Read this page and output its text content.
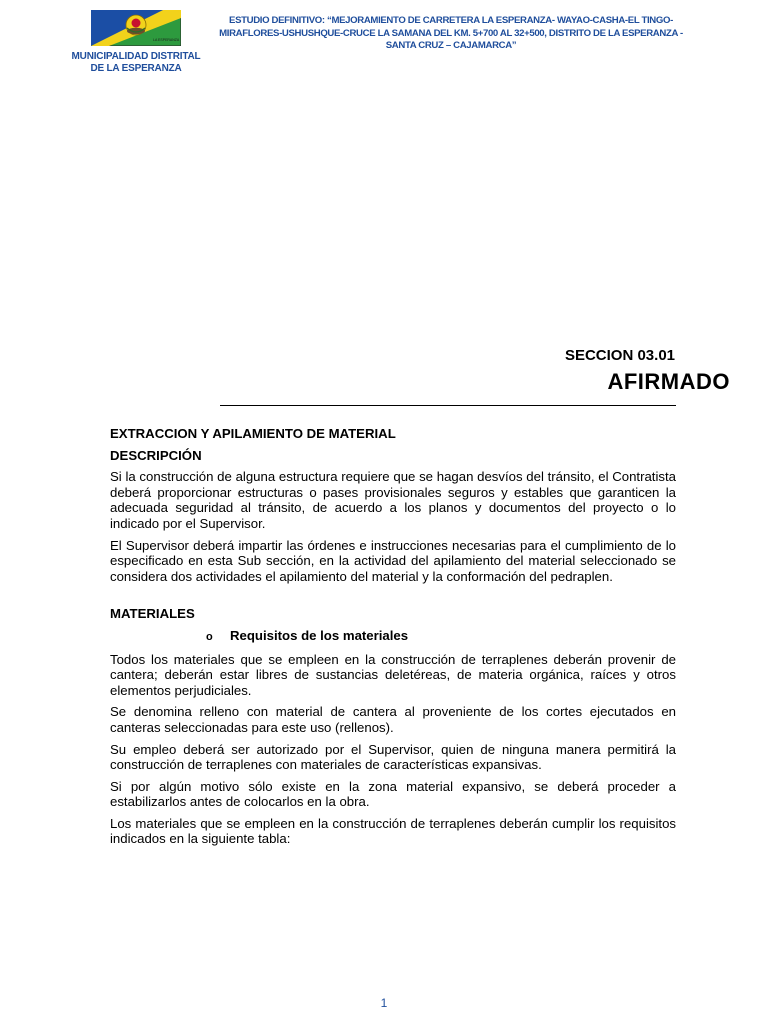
LA ESPERANZA
MUNICIPALIDAD DISTRITAL
DE LA ESPERANZA
ESTUDIO DEFINITIVO: “MEJORAMIENTO DE CARRETERA LA ESPERANZA- WAYAO-CASHA-EL TINGO-MIRAFLORES-USHUSHQUE-CRUCE LA SAMANA DEL KM. 5+700 AL 32+500, DISTRITO DE LA ESPERANZA - SANTA CRUZ – CAJAMARCA”
SECCION 03.01
AFIRMADO
EXTRACCION Y APILAMIENTO DE MATERIAL
DESCRIPCIÓN

Si la construcción de alguna estructura requiere que se hagan desvíos del tránsito, el Contratista deberá proporcionar estructuras o pases provisionales seguros y estables que garanticen la adecuada seguridad al tránsito, de acuerdo a los planos y documentos del proyecto o lo indicado por el Supervisor.

El Supervisor deberá impartir las órdenes e instrucciones necesarias para el cumplimiento de lo especificado en esta Sub sección, en la actividad del apilamiento del material seleccionado se considera dos actividades el apilamiento del material y la conformación del pedraplen.

MATERIALES
o	Requisitos de los materiales

Todos los materiales que se empleen en la construcción de terraplenes deberán provenir de cantera; deberán estar libres de sustancias deletéreas, de materia orgánica, raíces y otros elementos perjudiciales.

Se denomina relleno con material de cantera al proveniente de los cortes ejecutados en canteras seleccionadas para este uso (rellenos).

Su empleo deberá ser autorizado por el Supervisor, quien de ninguna manera permitirá la construcción de terraplenes con materiales de características expansivas.

Si por algún motivo sólo existe en la zona material expansivo, se deberá proceder a estabilizarlos antes de colocarlos en la obra.

Los materiales que se empleen en la construcción de terraplenes deberán cumplir los requisitos indicados en la siguiente tabla:

1
